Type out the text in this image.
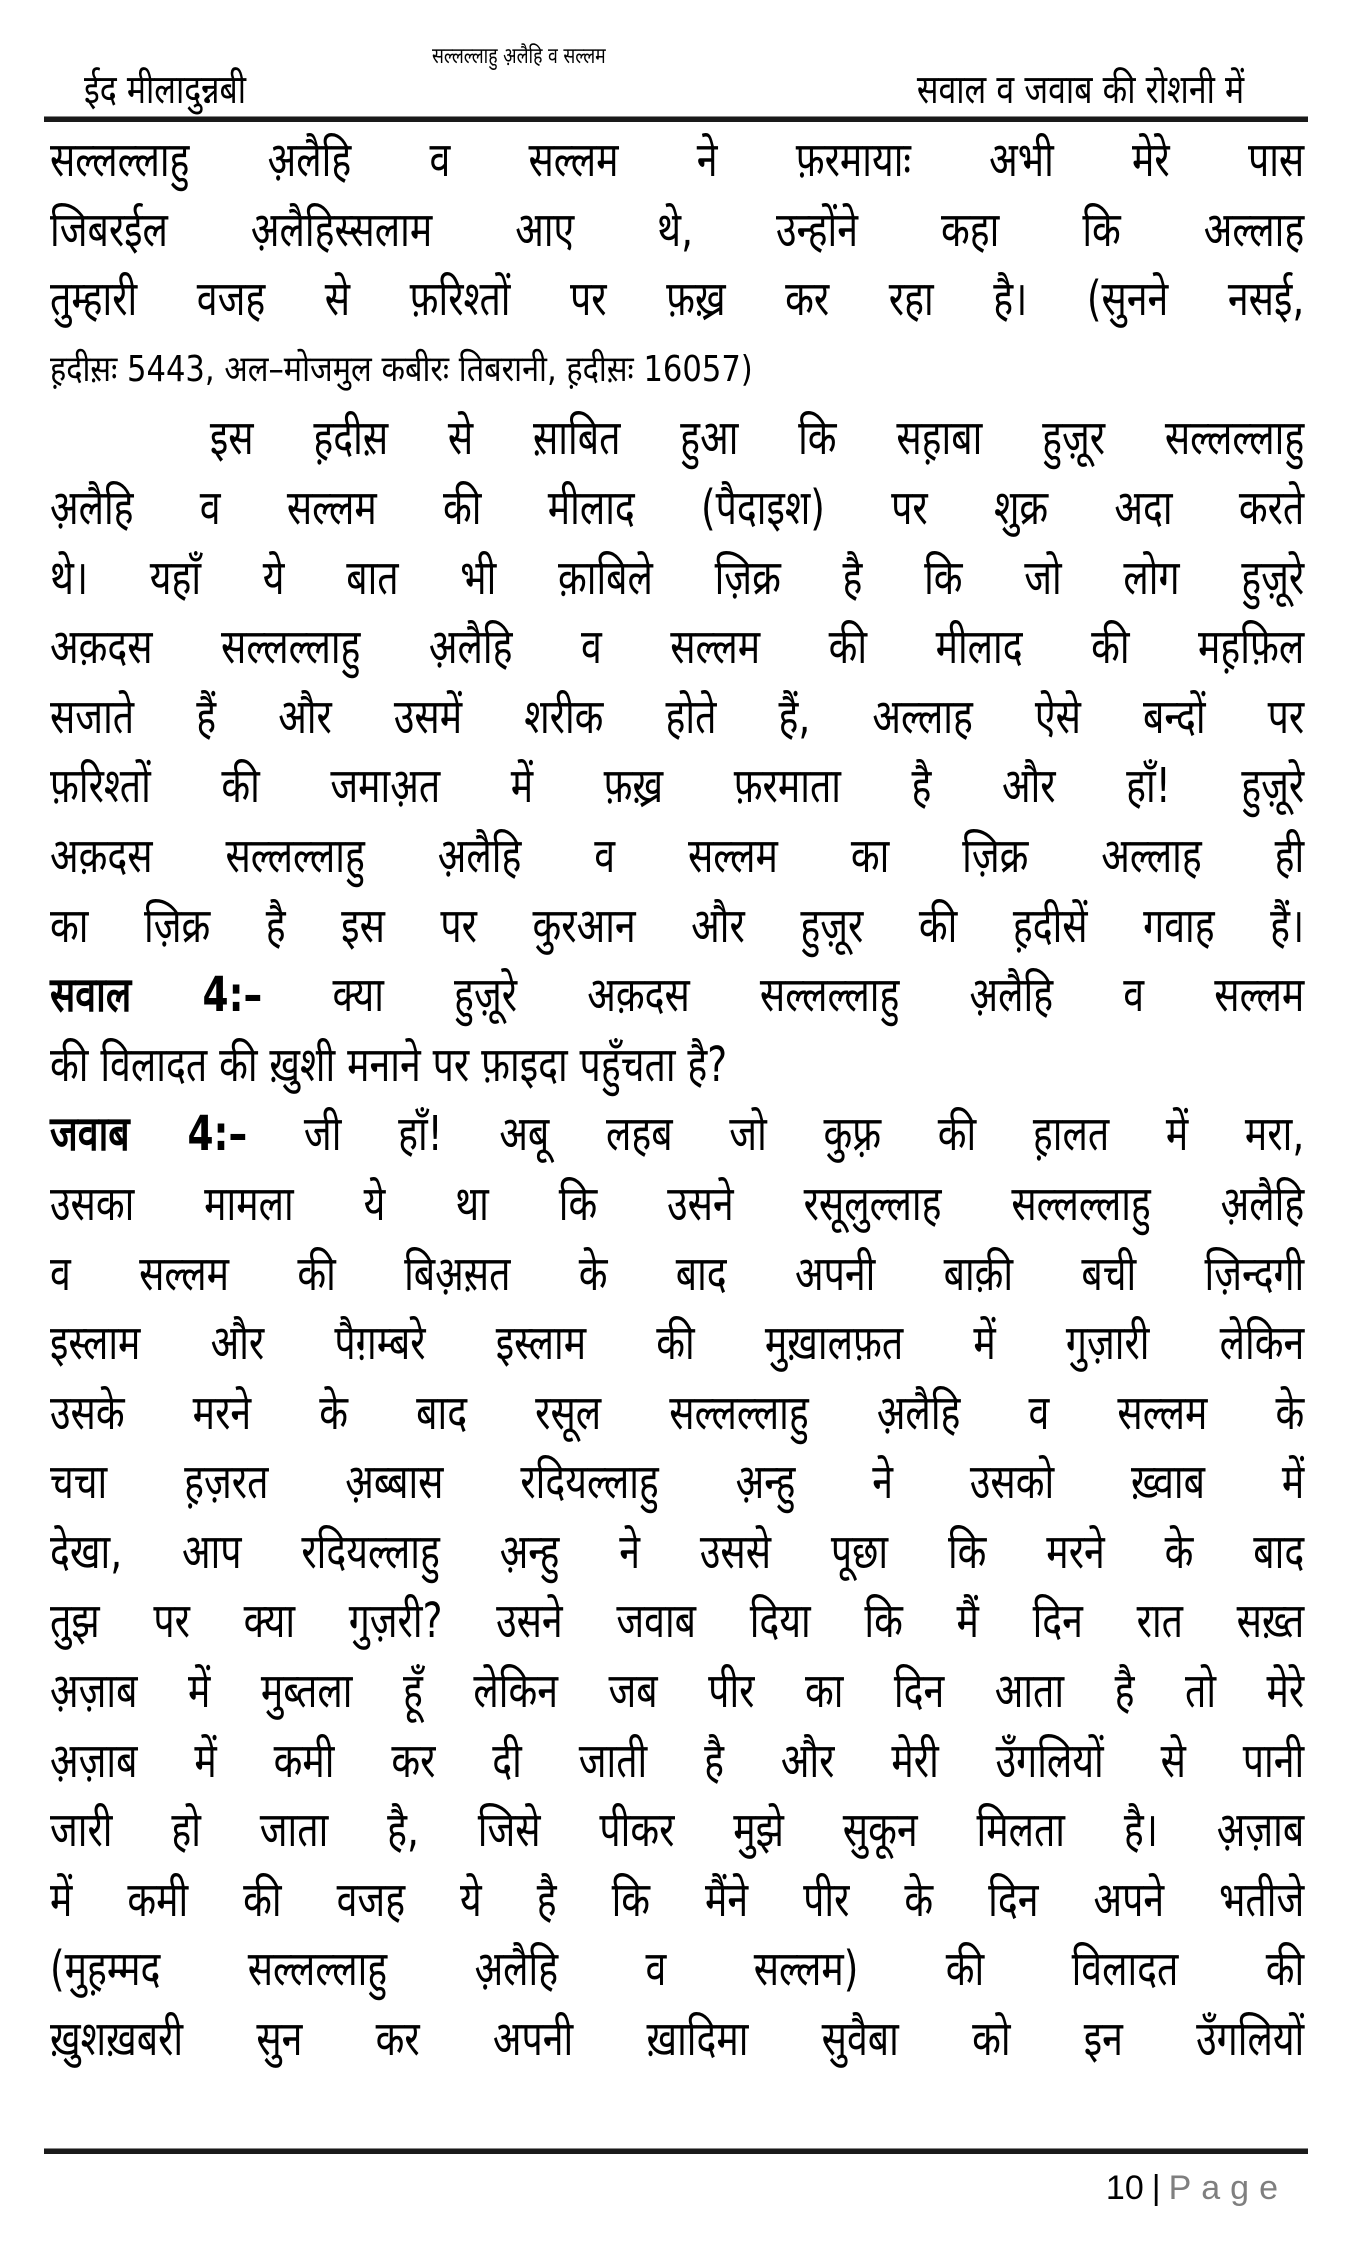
ईद मीलादुन्नबी
सल्लल्लाहु अ़लैहि व सल्लम
सवाल व जवाब की रोशनी में
सल्लल्लाहु अ़लैहि व सल्लम ने फ़रमायाः अभी मेरे पास
जिबरईल अ़लैहिस्सलाम आए थे, उन्होंने कहा कि अल्लाह
तुम्हारी वजह से फ़रिश्तों पर फ़ख़्र कर रहा है। (सुनने नसई,
ह़दीस़ः 5443, अल–मोजमुल कबीरः तिबरानी, ह़दीस़ः 16057)
इस ह़दीस़ से स़ाबित हुआ कि सह़ाबा हुज़ूर सल्लल्लाहु
अ़लैहि व सल्लम की मीलाद (पैदाइश) पर शुक्र अदा करते
थे। यहाँ ये बात भी क़ाबिले ज़िक्र है कि जो लोग हुज़ूरे
अक़दस सल्लल्लाहु अ़लैहि व सल्लम की मीलाद की मह़फ़िल
सजाते हैं और उसमें शरीक होते हैं, अल्लाह ऐसे बन्दों पर
फ़रिश्तों की जमाअ़त में फ़ख़्र फ़रमाता है और हाँ! हुज़ूरे
अक़दस सल्लल्लाहु अ़लैहि व सल्लम का ज़िक्र अल्लाह ही
का ज़िक्र है इस पर कुरआन और हुज़ूर की ह़दीसें गवाह हैं।
सवाल 4:– क्या हुज़ूरे अक़दस सल्लल्लाहु अ़लैहि व सल्लम
की विलादत की ख़ुशी मनाने पर फ़ाइदा पहुँचता है?
जवाब 4:– जी हाँ! अबू लहब जो कुफ़्र की ह़ालत में मरा,
उसका मामला ये था कि उसने रसूलुल्लाह सल्लल्लाहु अ़लैहि
व सल्लम की बिअ़स़त के बाद अपनी बाक़ी बची ज़िन्दगी
इस्लाम और पैग़म्बरे इस्लाम की मुख़ालफ़त में गुज़ारी लेकिन
उसके मरने के बाद रसूल सल्लल्लाहु अ़लैहि व सल्लम के
चचा ह़ज़रत अ़ब्बास रदियल्लाहु अ़न्हु ने उसको ख़्वाब में
देखा, आप रदियल्लाहु अ़न्हु ने उससे पूछा कि मरने के बाद
तुझ पर क्या गुज़री? उसने जवाब दिया कि मैं दिन रात सख़्त
अ़ज़ाब में मुब्तला हूँ लेकिन जब पीर का दिन आता है तो मेरे
अ़ज़ाब में कमी कर दी जाती है और मेरी उँगलियों से पानी
जारी हो जाता है, जिसे पीकर मुझे सुकून मिलता है। अ़ज़ाब
में कमी की वजह ये है कि मैंने पीर के दिन अपने भतीजे
(मुह़म्मद सल्लल्लाहु अ़लैहि व सल्लम) की विलादत की
ख़ुशख़बरी सुन कर अपनी ख़ादिमा सुवैबा को इन उँगलियों
10 | Page
